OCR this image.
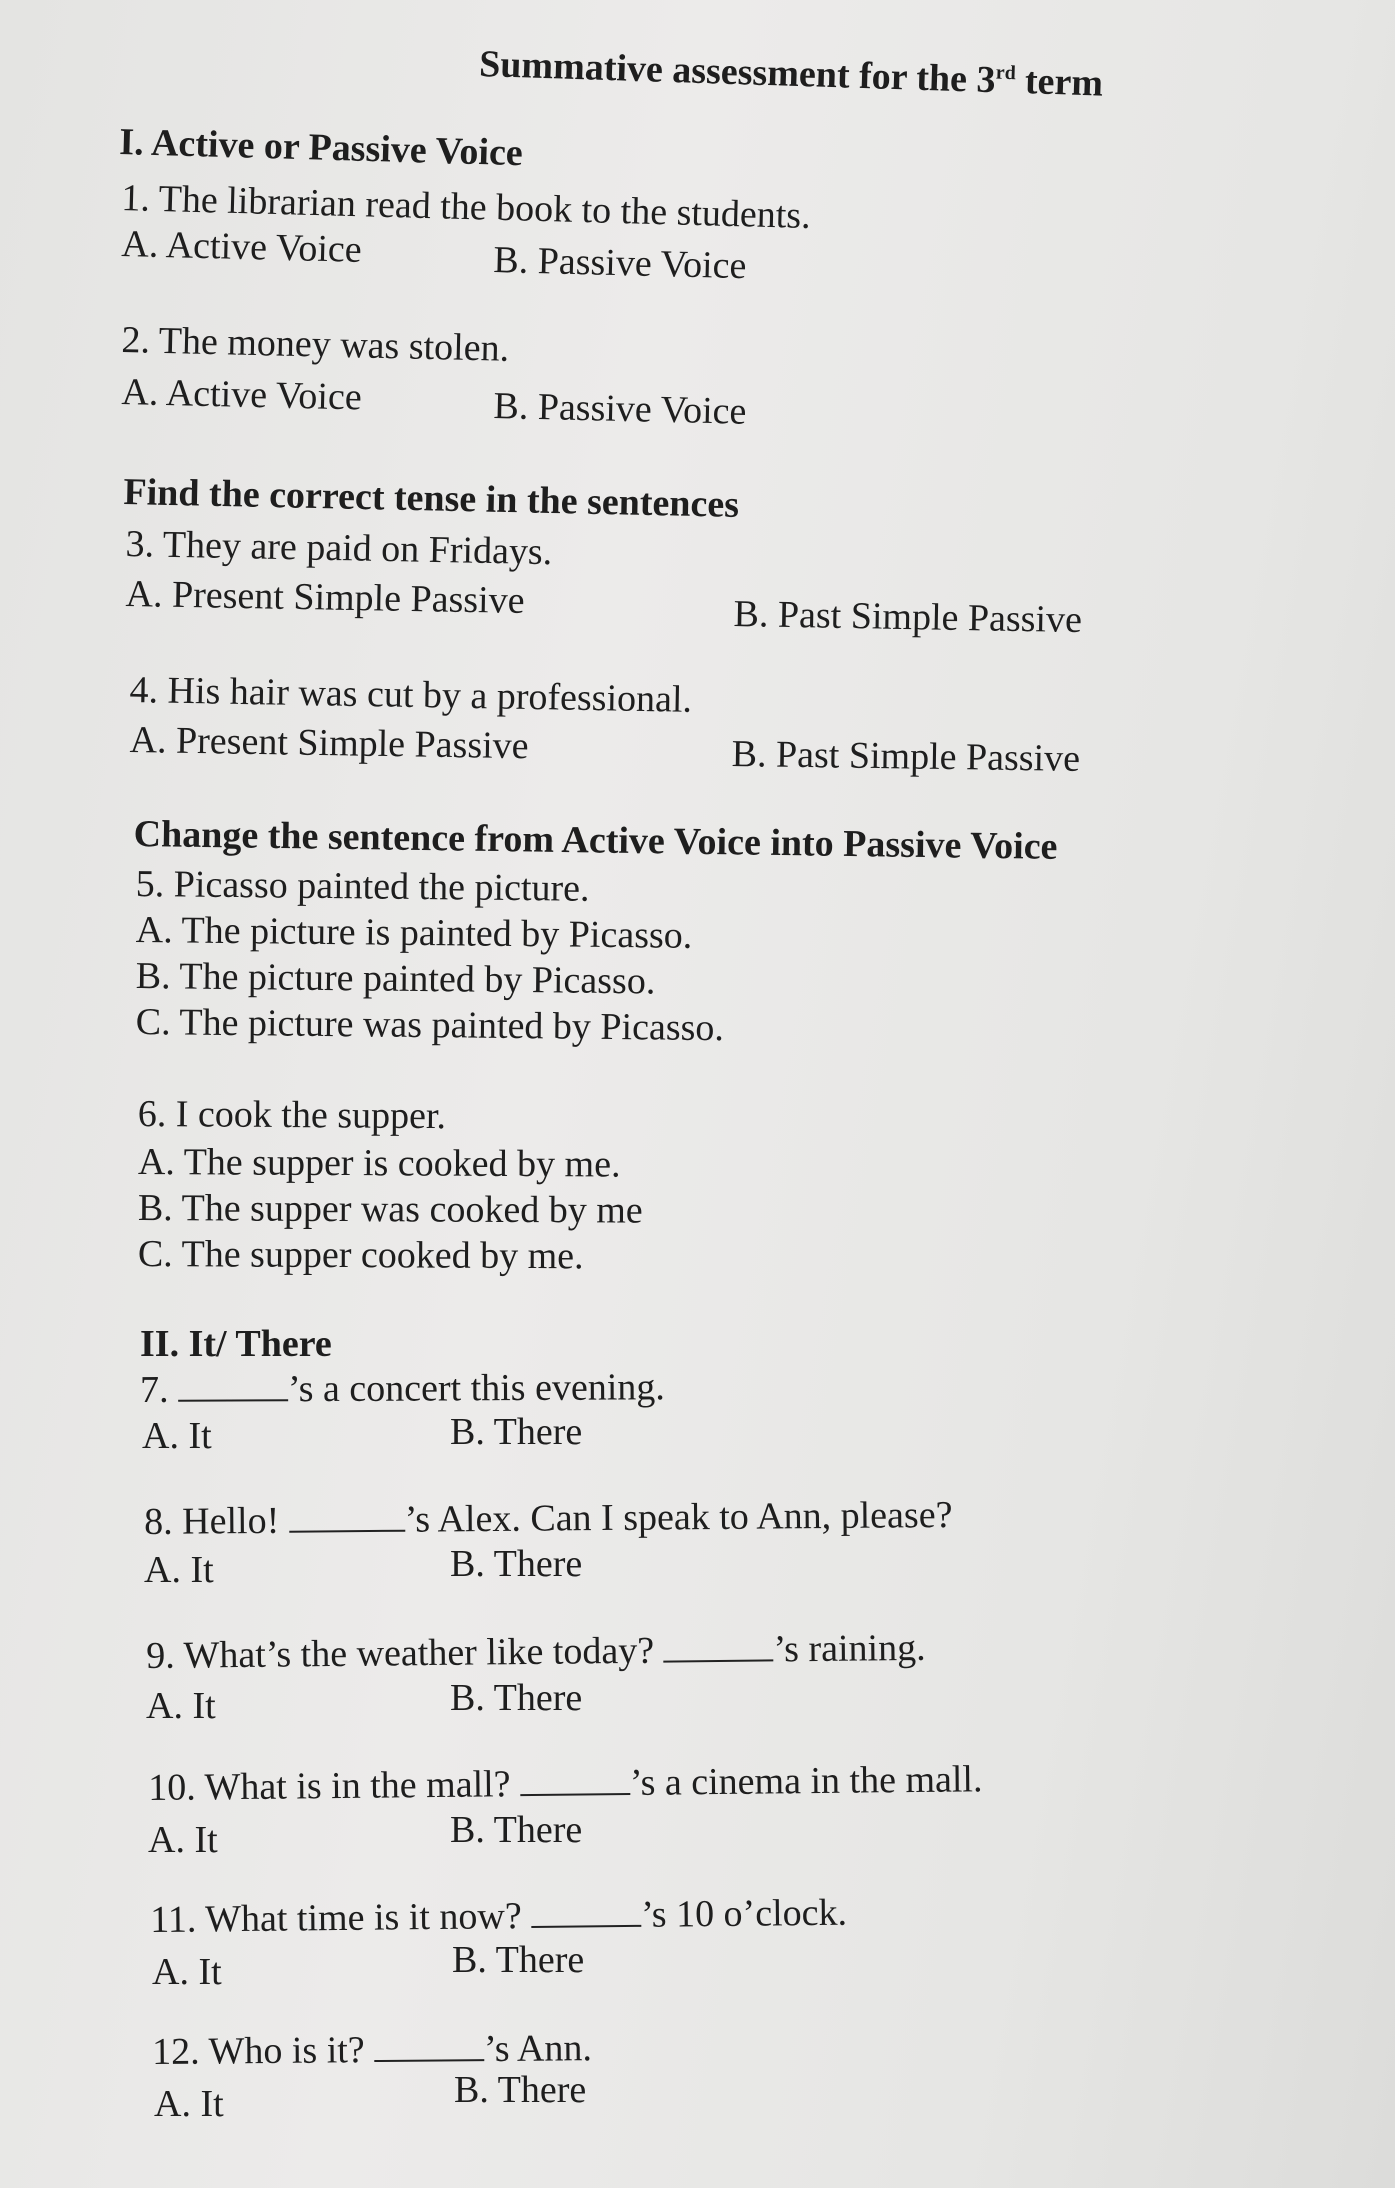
Summative assessment for the 3rd term
I. Active or Passive Voice
1. The librarian read the book to the students.
A. Active Voice	B. Passive Voice
2. The money was stolen.
A. Active Voice	B. Passive Voice
Find the correct tense in the sentences
3. They are paid on Fridays.
A. Present Simple Passive	B. Past Simple Passive
4. His hair was cut by a professional.
A. Present Simple Passive	B. Past Simple Passive
Change the sentence from Active Voice into Passive Voice
5. Picasso painted the picture.
A. The picture is painted by Picasso.
B. The picture painted by Picasso.
C. The picture was painted by Picasso.
6. I cook the supper.
A. The supper is cooked by me.
B. The supper was cooked by me
C. The supper cooked by me.
II. It/ There
7.	’s a concert this evening.
A. It	B. There
8. Hello!	’s Alex. Can I speak to Ann, please?
A. It	B. There
9. What’s the weather like today?	’s raining.
A. It	B. There
10. What is in the mall?	’s a cinema in the mall.
A. It	B. There
11. What time is it now?	’s 10 o’clock.
A. It	B. There
12. Who is it?	’s Ann.
A. It	B. There
